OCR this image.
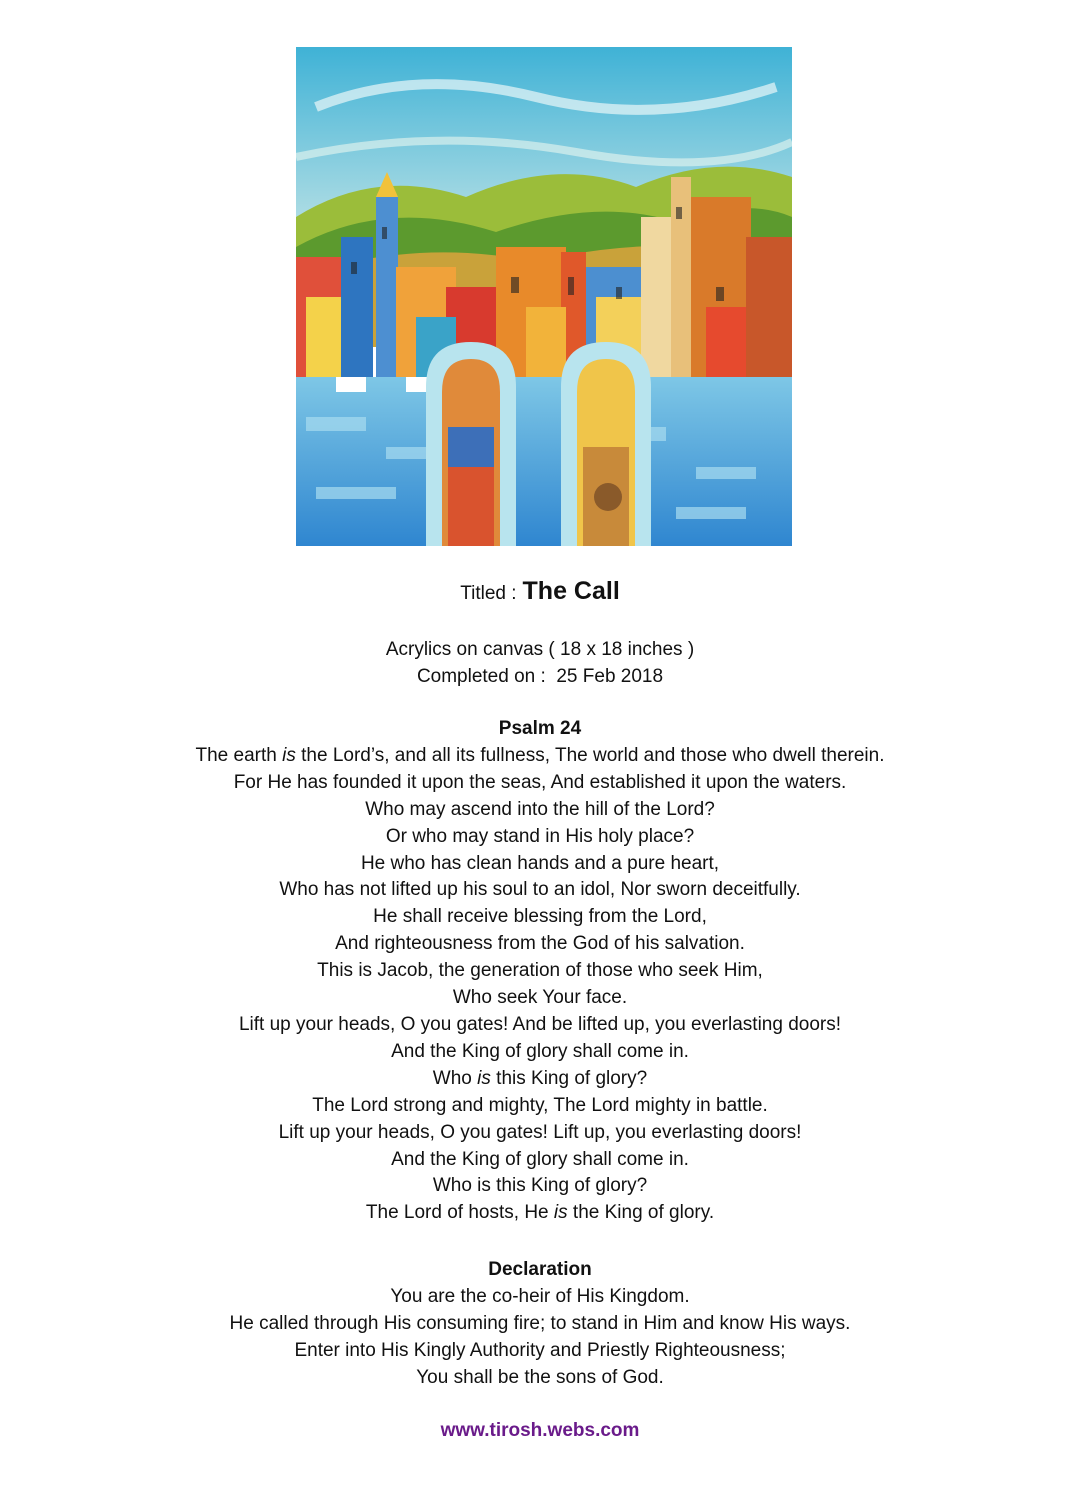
Titled : The Call
Acrylics on canvas ( 18 x 18 inches )
Completed on : 25 Feb 2018
Psalm 24
The earth is the Lord’s, and all its fullness, The world and those who dwell therein.
For He has founded it upon the seas, And established it upon the waters.
Who may ascend into the hill of the Lord?
Or who may stand in His holy place?
He who has clean hands and a pure heart,
Who has not lifted up his soul to an idol, Nor sworn deceitfully.
He shall receive blessing from the Lord,
And righteousness from the God of his salvation.
This is Jacob, the generation of those who seek Him,
Who seek Your face.
Lift up your heads, O you gates! And be lifted up, you everlasting doors!
And the King of glory shall come in.
Who is this King of glory?
The Lord strong and mighty, The Lord mighty in battle.
Lift up your heads, O you gates! Lift up, you everlasting doors!
And the King of glory shall come in.
Who is this King of glory?
The Lord of hosts, He is the King of glory.
Declaration
You are the co-heir of His Kingdom.
He called through His consuming fire; to stand in Him and know His ways.
Enter into His Kingly Authority and Priestly Righteousness;
You shall be the sons of God.
www.tirosh.webs.com
